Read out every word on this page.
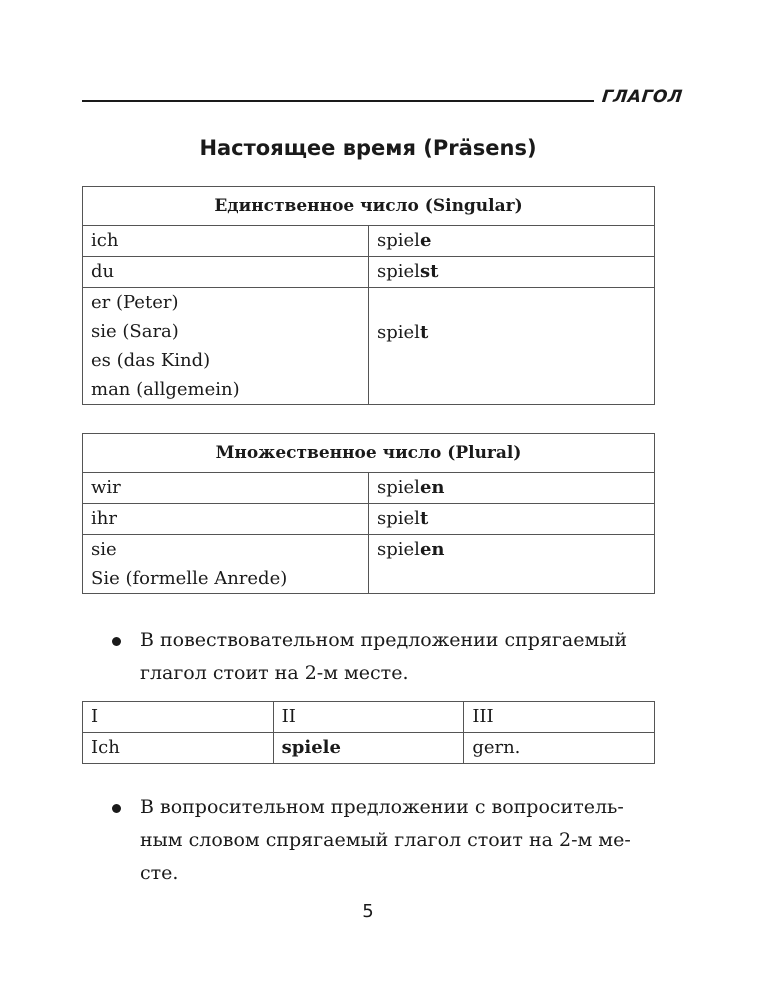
ГЛАГОЛ
Настоящее время (Präsens)
Единственное число (Singular)	
ich	spiele
du	spielst

er (Peter)
sie (Sara)
es (das Kind)
man (allgemein)	spielt
Множественное число (Plural)	
wir	spielen
ihr	spielt

sie
Sie (formelle Anrede)	spielen
В повествовательном предложении спрягаемый
глагол стоит на 2-м месте.
I	II	III
Ich	spiele	gern.
В вопросительном предложении с вопроситель-
ным словом спрягаемый глагол стоит на 2-м ме-
сте.
5
